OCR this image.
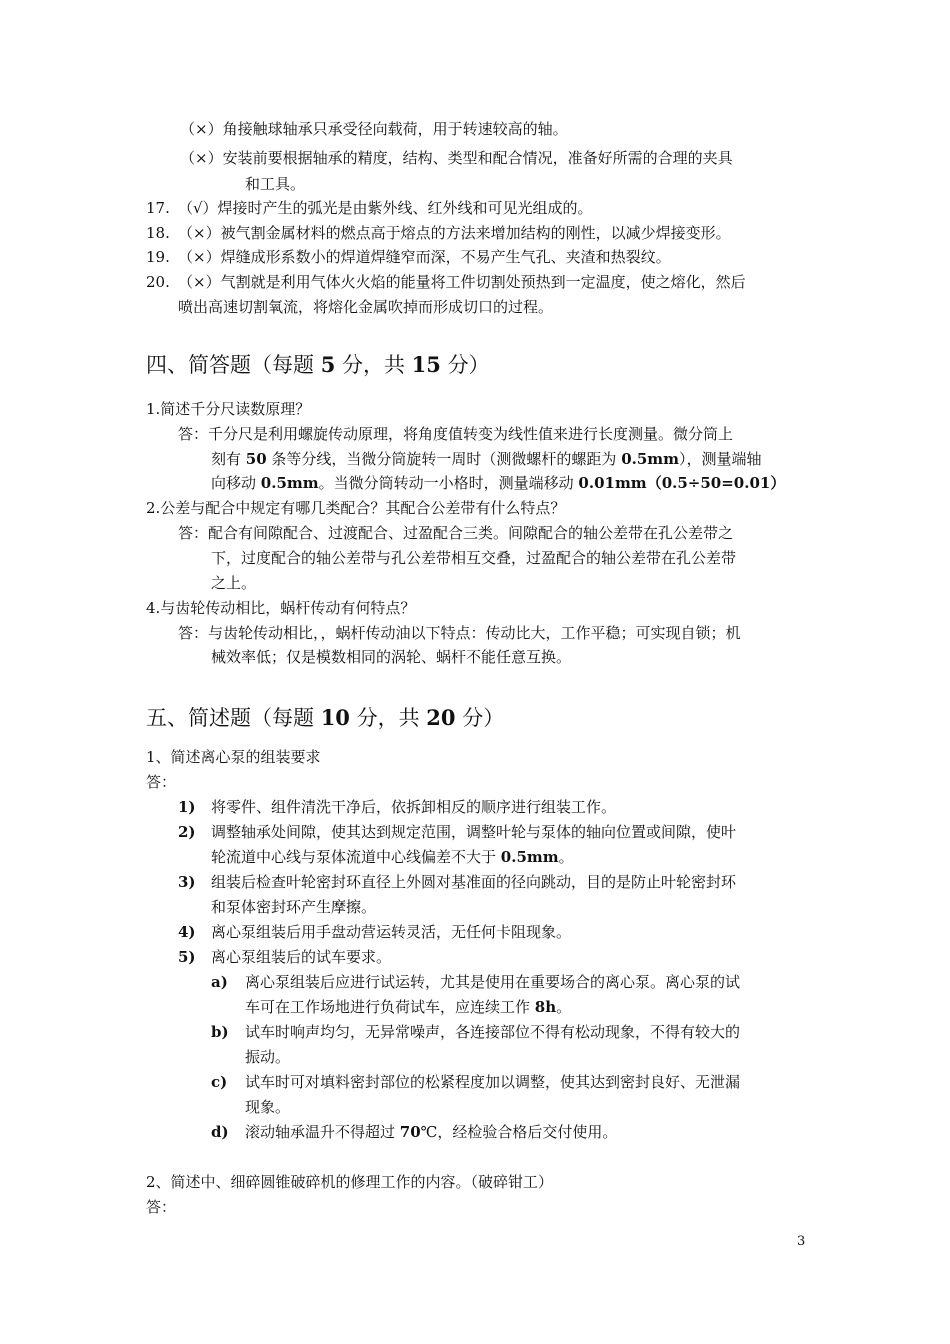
（×）角接触球轴承只承受径向载荷，用于转速较高的轴。
（×）安装前要根据轴承的精度，结构、类型和配合情况，准备好所需的合理的夹具
和工具。
17. （√）焊接时产生的弧光是由紫外线、红外线和可见光组成的。
18. （×）被气割金属材料的燃点高于熔点的方法来增加结构的刚性，以减少焊接变形。
19. （×）焊缝成形系数小的焊道焊缝窄而深，不易产生气孔、夹渣和热裂纹。
20. （×）气割就是利用气体火火焰的能量将工件切割处预热到一定温度，使之熔化，然后
喷出高速切割氧流，将熔化金属吹掉而形成切口的过程。
四、简答题（每题 5 分，共 15 分）
1.简述千分尺读数原理？
答：千分尺是利用螺旋传动原理，将角度值转变为线性值来进行长度测量。微分筒上
刻有 50 条等分线，当微分筒旋转一周时（测微螺杆的螺距为 0.5mm），测量端轴
向移动 0.5mm。当微分筒转动一小格时，测量端移动 0.01mm（0.5÷50=0.01）
2.公差与配合中规定有哪几类配合？其配合公差带有什么特点？
答：配合有间隙配合、过渡配合、过盈配合三类。间隙配合的轴公差带在孔公差带之
下，过度配合的轴公差带与孔公差带相互交叠，过盈配合的轴公差带在孔公差带
之上。
4.与齿轮传动相比，蜗杆传动有何特点？
答：与齿轮传动相比，，蜗杆传动油以下特点：传动比大，工作平稳；可实现自锁；机
械效率低；仅是模数相同的涡轮、蜗杆不能任意互换。
五、简述题（每题 10 分，共 20 分）
1、简述离心泵的组装要求
答：
1) 将零件、组件清洗干净后，依拆卸相反的顺序进行组装工作。
2) 调整轴承处间隙，使其达到规定范围，调整叶轮与泵体的轴向位置或间隙，使叶
轮流道中心线与泵体流道中心线偏差不大于 0.5mm。
3) 组装后检查叶轮密封环直径上外圆对基准面的径向跳动，目的是防止叶轮密封环
和泵体密封环产生摩擦。
4) 离心泵组装后用手盘动营运转灵活，无任何卡阻现象。
5) 离心泵组装后的试车要求。
a) 离心泵组装后应进行试运转，尤其是使用在重要场合的离心泵。离心泵的试
车可在工作场地进行负荷试车，应连续工作 8h。
b) 试车时响声均匀，无异常噪声，各连接部位不得有松动现象，不得有较大的
振动。
c) 试车时可对填料密封部位的松紧程度加以调整，使其达到密封良好、无泄漏
现象。
d) 滚动轴承温升不得超过 70℃，经检验合格后交付使用。
2、简述中、细碎圆锥破碎机的修理工作的内容。（破碎钳工）
答：
3
